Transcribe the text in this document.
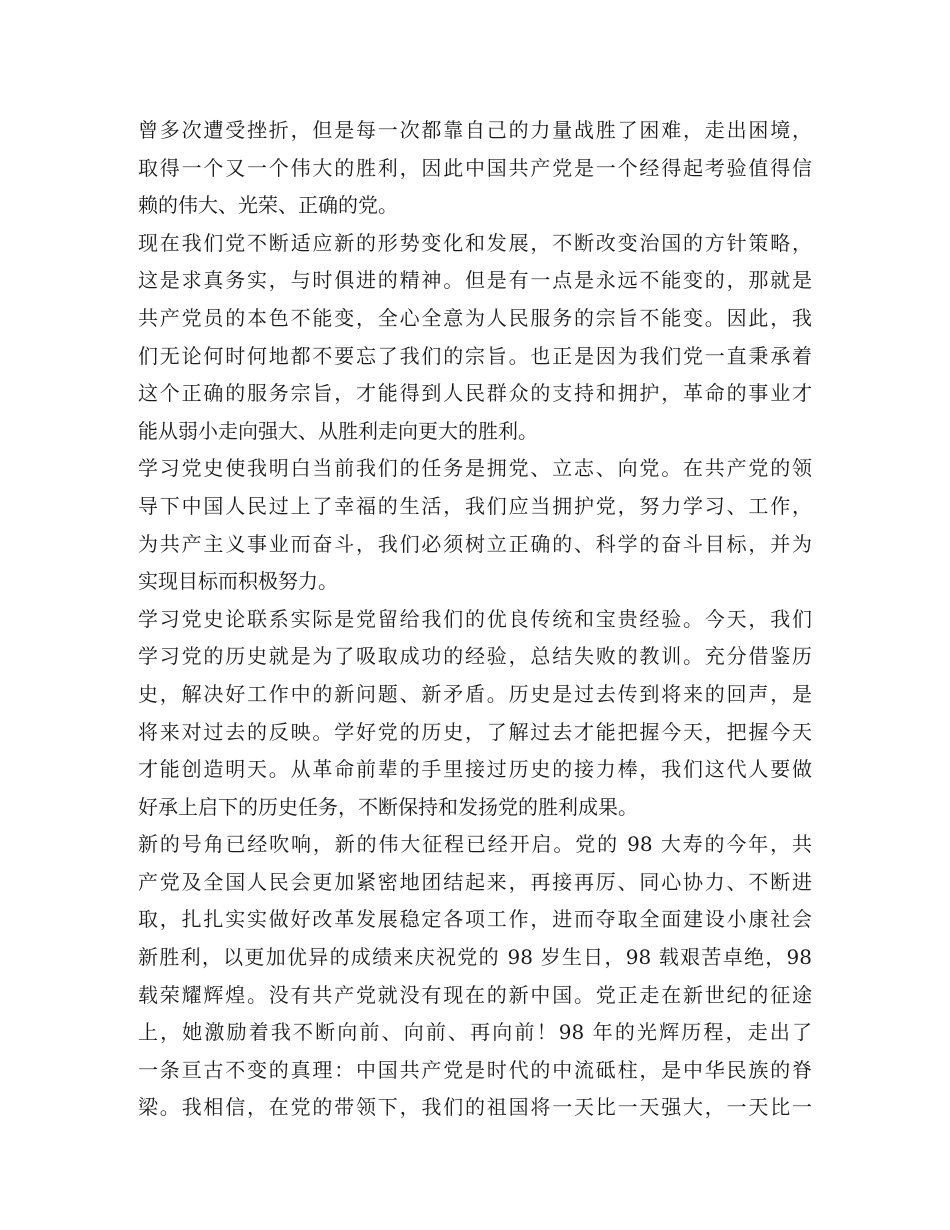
曾多次遭受挫折，但是每一次都靠自己的力量战胜了困难，走出困境，
取得一个又一个伟大的胜利，因此中国共产党是一个经得起考验值得信
赖的伟大、光荣、正确的党。
现在我们党不断适应新的形势变化和发展，不断改变治国的方针策略，
这是求真务实，与时俱进的精神。但是有一点是永远不能变的，那就是
共产党员的本色不能变，全心全意为人民服务的宗旨不能变。因此，我
们无论何时何地都不要忘了我们的宗旨。也正是因为我们党一直秉承着
这个正确的服务宗旨，才能得到人民群众的支持和拥护，革命的事业才
能从弱小走向强大、从胜利走向更大的胜利。
学习党史使我明白当前我们的任务是拥党、立志、向党。在共产党的领
导下中国人民过上了幸福的生活，我们应当拥护党，努力学习、工作，
为共产主义事业而奋斗，我们必须树立正确的、科学的奋斗目标，并为
实现目标而积极努力。
学习党史论联系实际是党留给我们的优良传统和宝贵经验。今天，我们
学习党的历史就是为了吸取成功的经验，总结失败的教训。充分借鉴历
史，解决好工作中的新问题、新矛盾。历史是过去传到将来的回声，是
将来对过去的反映。学好党的历史，了解过去才能把握今天，把握今天
才能创造明天。从革命前辈的手里接过历史的接力棒，我们这代人要做
好承上启下的历史任务，不断保持和发扬党的胜利成果。
新的号角已经吹响，新的伟大征程已经开启。党的 98 大寿的今年，共
产党及全国人民会更加紧密地团结起来，再接再厉、同心协力、不断进
取，扎扎实实做好改革发展稳定各项工作，进而夺取全面建设小康社会
新胜利，以更加优异的成绩来庆祝党的 98 岁生日，98 载艰苦卓绝，98
载荣耀辉煌。没有共产党就没有现在的新中国。党正走在新世纪的征途
上，她激励着我不断向前、向前、再向前！98 年的光辉历程，走出了
一条亘古不变的真理：中国共产党是时代的中流砥柱，是中华民族的脊
梁。我相信，在党的带领下，我们的祖国将一天比一天强大，一天比一
